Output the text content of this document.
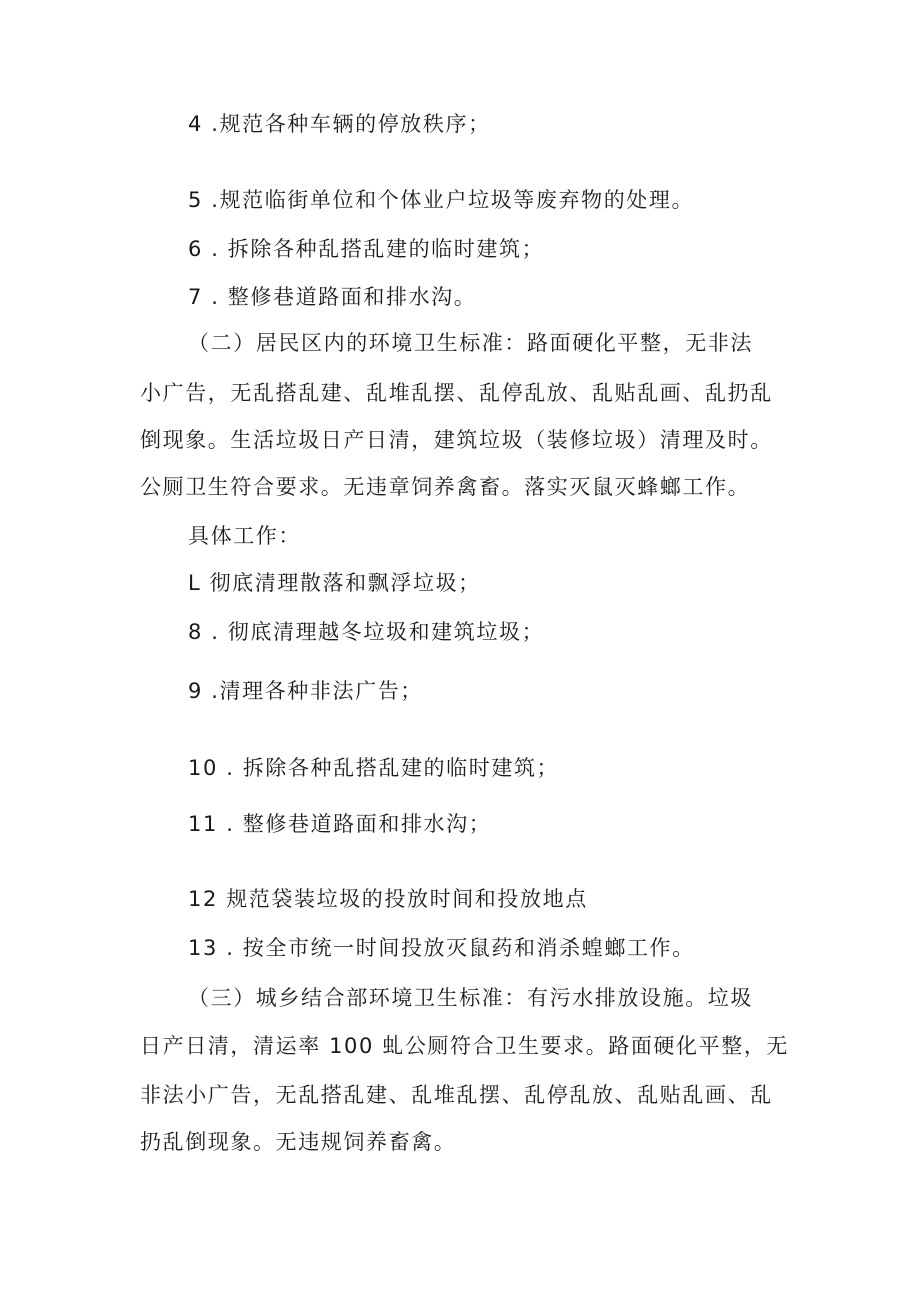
4 .规范各种车辆的停放秩序；

5 .规范临街单位和个体业户垃圾等废弃物的处理。

6 . 拆除各种乱搭乱建的临时建筑；

7 . 整修巷道路面和排水沟。

（二）居民区内的环境卫生标准：路面硬化平整，无非法

小广告，无乱搭乱建、乱堆乱摆、乱停乱放、乱贴乱画、乱扔乱

倒现象。生活垃圾日产日清，建筑垃圾（装修垃圾）清理及时。

公厕卫生符合要求。无违章饲养禽畜。落实灭鼠灭蜂螂工作。

具体工作：

L 彻底清理散落和飘浮垃圾；

8 . 彻底清理越冬垃圾和建筑垃圾；

9 .清理各种非法广告；

10 . 拆除各种乱搭乱建的临时建筑；

11 . 整修巷道路面和排水沟；

12 规范袋装垃圾的投放时间和投放地点

13 . 按全市统一时间投放灭鼠药和消杀蝗螂工作。

（三）城乡结合部环境卫生标准：有污水排放设施。垃圾

日产日清，清运率 100 虬公厕符合卫生要求。路面硬化平整，无

非法小广告，无乱搭乱建、乱堆乱摆、乱停乱放、乱贴乱画、乱

扔乱倒现象。无违规饲养畜禽。
